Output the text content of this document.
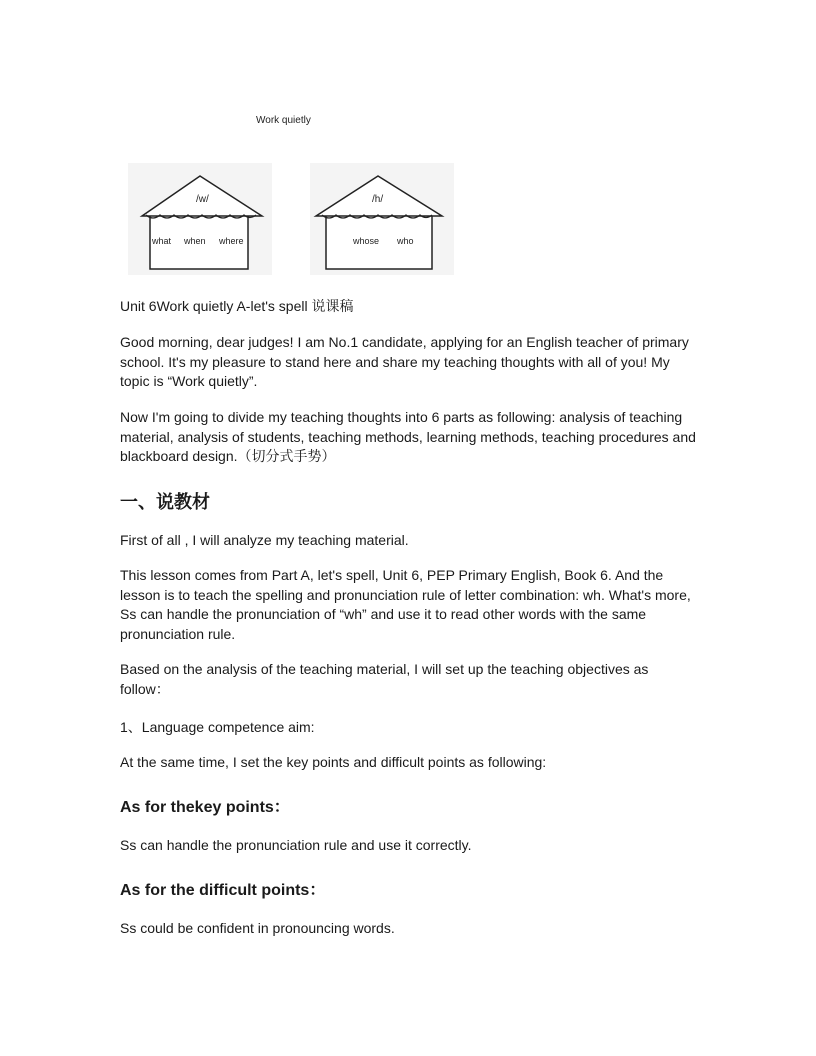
Work quietly
/w/
what when where
/h/
whose who

Unit 6Work quietly A-let's spell 说课稿

Good morning, dear judges! I am No.1 candidate, applying for an English teacher of primary school. It's my pleasure to stand here and share my teaching thoughts with all of you! My topic is “Work quietly”.

Now I'm going to divide my teaching thoughts into 6 parts as following: analysis of teaching material, analysis of students, teaching methods, learning methods, teaching procedures and blackboard design.（切分式手势）

一、说教材

First of all , I will analyze my teaching material.

This lesson comes from Part A, let's spell, Unit 6, PEP Primary English, Book 6. And the lesson is to teach the spelling and pronunciation rule of letter combination: wh. What's more, Ss can handle the pronunciation of “wh” and use it to read other words with the same pronunciation rule.

Based on the analysis of the teaching material, I will set up the teaching objectives as follow：

1、Language competence aim:

At the same time, I set the key points and difficult points as following:

As for thekey points：

Ss can handle the pronunciation rule and use it correctly.

As for the difficult points：

Ss could be confident in pronouncing words.
